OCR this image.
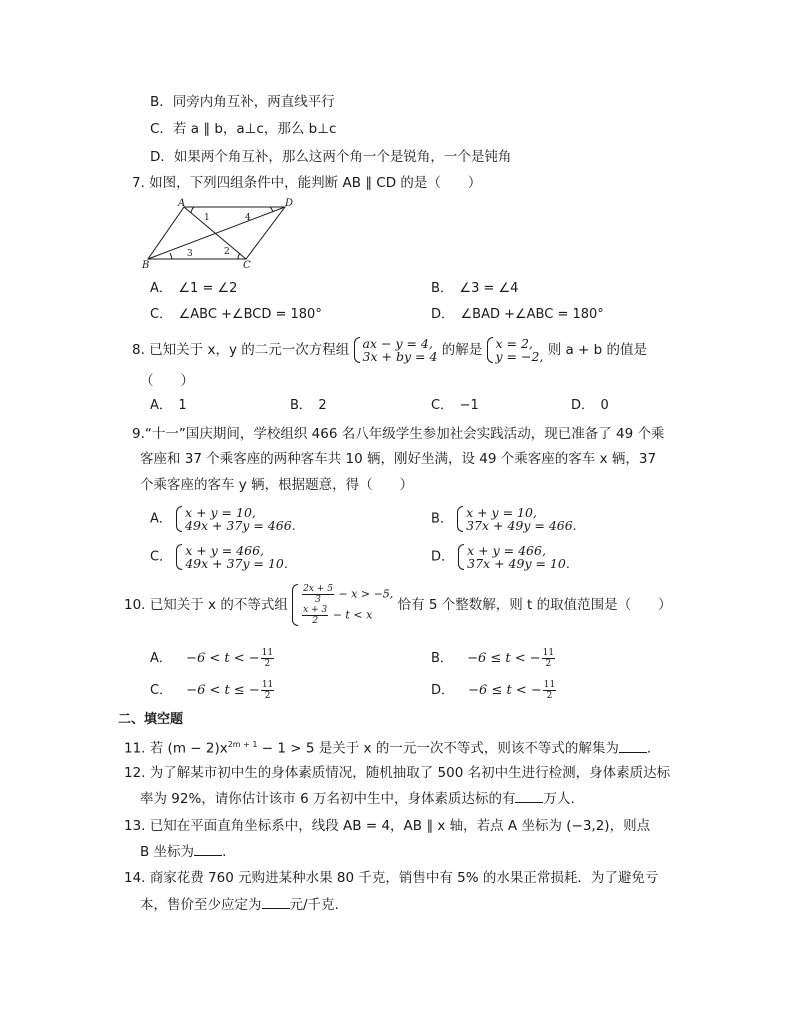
B．同旁内角互补，两直线平行
C．若 a ∥ b，a⊥c，那么 b⊥c
D．如果两个角互补，那么这两个角一个是锐角，一个是钝角
7. 如图，下列四组条件中，能判断 AB ∥ CD 的是（　　）
A	D
B	C
1	4
3	2
A．　∠1 = ∠2	B．　∠3 = ∠4
C．　∠ABC +∠BCD = 180°	D．　∠BAD +∠ABC = 180°
8. 已知关于 x，y 的二元一次方程组 ax − y = 4,
3x + by = 4 的解是 x = 2,
y = −2, 则 a + b 的值是
（　　）
A．　1	B．　2	C．　−1	D．　0
9.“十一”国庆期间，学校组织 466 名八年级学生参加社会实践活动，现已准备了 49 个乘
客座和 37 个乘客座的两种客车共 10 辆，刚好坐满，设 49 个乘客座的客车 x 辆，37
个乘客座的客车 y 辆，根据题意，得（　　）
A． x + y = 10,
49x + 37y = 466.	B． x + y = 10,
37x + 49y = 466.
C． x + y = 466,
49x + 37y = 10.	D． x + y = 466,
37x + 49y = 10.
10. 已知关于 x 的不等式组 $\frac{2x + 5}{3} - x > -5$,
$\frac{x + 3}{2} - t < x$
恰有 5 个整数解，则 t 的取值范围是（　　）
A． −6 < t < − $\frac{11}{2}$	B． −6 ≤ t < − $\frac{11}{2}$
C． −6 < t ≤ − $\frac{11}{2}$	D． −6 ≤ t < − $\frac{11}{2}$
二、填空题
11. 若 $(m - 2)x^{2m + 1} - 1 > 5$ 是关于 x 的一元一次不等式，则该不等式的解集为 .
12. 为了解某市初中生的身体素质情况，随机抽取了 500 名初中生进行检测，身体素质达标
率为 92%，请你估计该市 6 万名初中生中，身体素质达标的有 万人.
13. 已知在平面直角坐标系中，线段 AB = 4，AB ∥ x 轴，若点 A 坐标为 (−3,2)，则点
B 坐标为 .
14. 商家花费 760 元购进某种水果 80 千克，销售中有 5% 的水果正常损耗．为了避免亏
本，售价至少应定为 元/千克.
